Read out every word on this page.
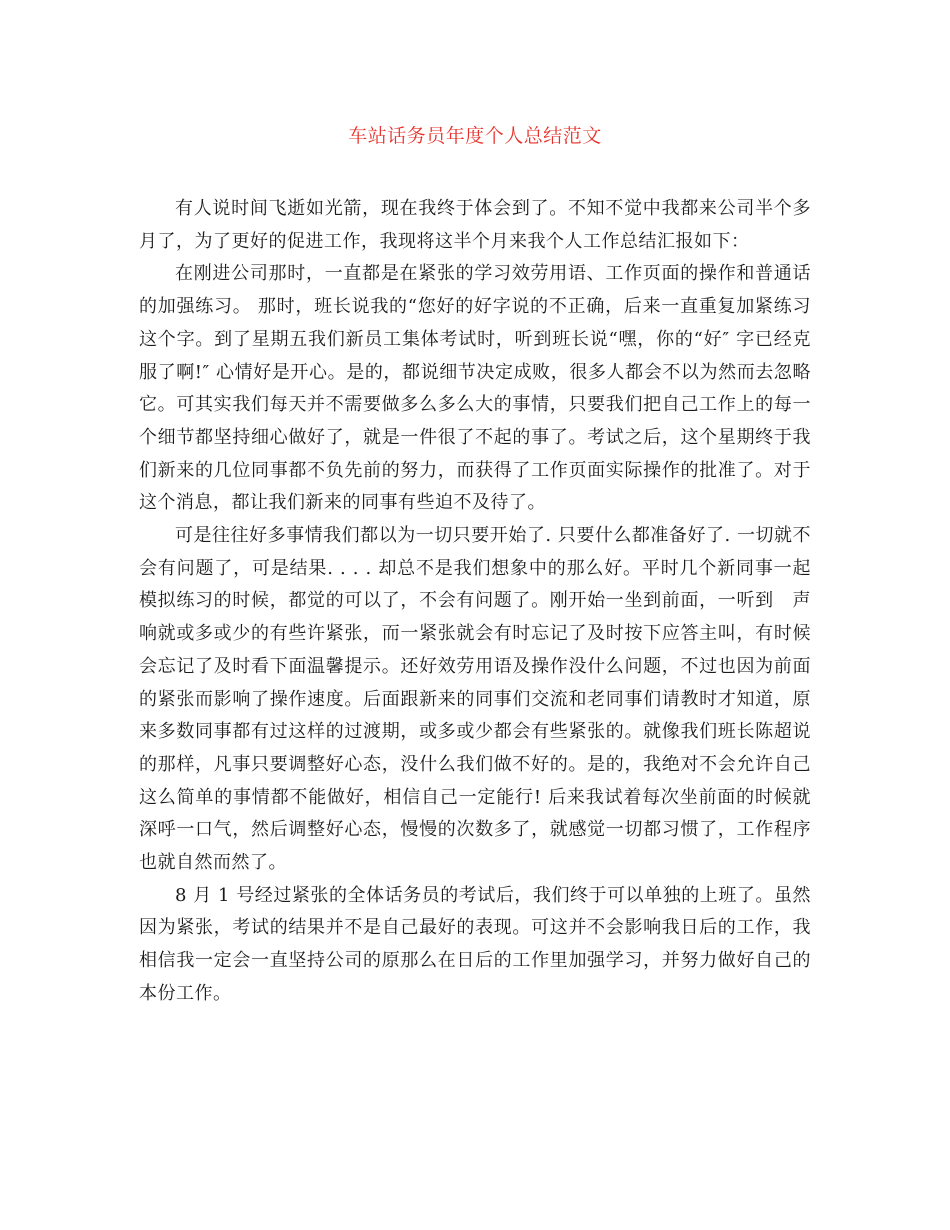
车站话务员年度个人总结范文

有人说时间飞逝如光箭，现在我终于体会到了。不知不觉中我都来公司半个多月了，为了更好的促进工作，我现将这半个月来我个人工作总结汇报如下：

在刚进公司那时，一直都是在紧张的学习效劳用语、工作页面的操作和普通话的加强练习。 那时，班长说我的“您好的好字说的不正确，后来一直重复加紧练习这个字。到了星期五我们新员工集体考试时，听到班长说“嘿，你的“好″ 字已经克服了啊!″ 心情好是开心。是的，都说细节决定成败，很多人都会不以为然而去忽略它。可其实我们每天并不需要做多么多么大的事情，只要我们把自己工作上的每一个细节都坚持细心做好了，就是一件很了不起的事了。考试之后，这个星期终于我们新来的几位同事都不负先前的努力，而获得了工作页面实际操作的批准了。对于这个消息，都让我们新来的同事有些迫不及待了。

可是往往好多事情我们都以为一切只要开始了. 只要什么都准备好了. 一切就不会有问题了，可是结果. . . . 却总不是我们想象中的那么好。平时几个新同事一起模拟练习的时候，都觉的可以了，不会有问题了。刚开始一坐到前面，一听到　声响就或多或少的有些许紧张，而一紧张就会有时忘记了及时按下应答主叫，有时候会忘记了及时看下面温馨提示。还好效劳用语及操作没什么问题，不过也因为前面的紧张而影响了操作速度。后面跟新来的同事们交流和老同事们请教时才知道，原来多数同事都有过这样的过渡期，或多或少都会有些紧张的。就像我们班长陈超说的那样，凡事只要调整好心态，没什么我们做不好的。是的，我绝对不会允许自己这么简单的事情都不能做好，相信自己一定能行! 后来我试着每次坐前面的时候就深呼一口气，然后调整好心态，慢慢的次数多了，就感觉一切都习惯了，工作程序也就自然而然了。

8 月 1 号经过紧张的全体话务员的考试后，我们终于可以单独的上班了。虽然因为紧张，考试的结果并不是自己最好的表现。可这并不会影响我日后的工作，我相信我一定会一直坚持公司的原那么在日后的工作里加强学习，并努力做好自己的本份工作。
